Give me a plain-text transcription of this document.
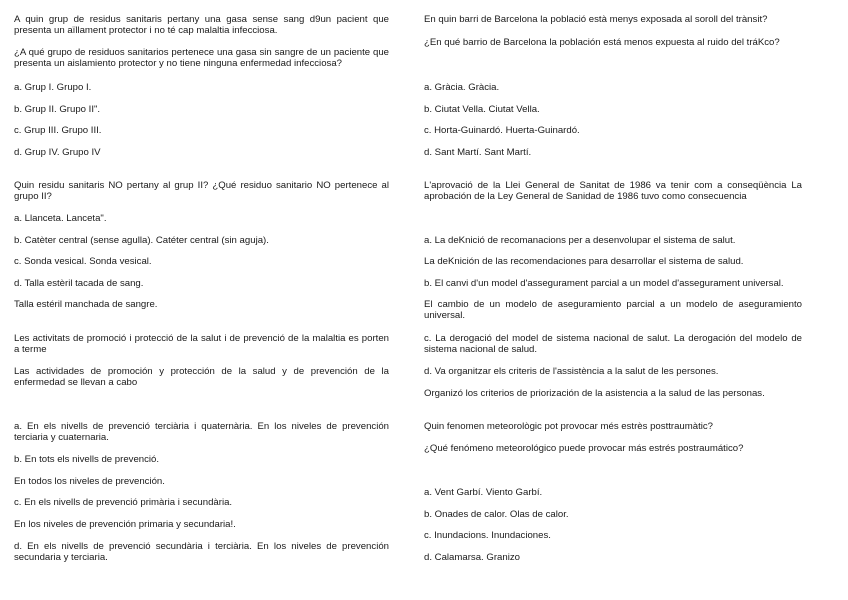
A quin grup de residus sanitaris pertany una gasa sense sang d9un pacient que presenta un aïllament protector i no té cap malaltia infecciosa.

¿A qué grupo de residuos sanitarios pertenece una gasa sin sangre de un paciente que presenta un aislamiento protector y no tiene ninguna enfermedad infecciosa?

a. Grup I. Grupo I.

b. Grup II. Grupo II".

c. Grup III. Grupo III.

d. Grup IV. Grupo IV

Quin residu sanitaris NO pertany al grup II? ¿Qué residuo sanitario NO pertenece al grupo II?

a. Llanceta. Lanceta".

b. Catèter central (sense agulla). Catéter central (sin aguja).

c. Sonda vesical. Sonda vesical.

d. Talla estèril tacada de sang.

Talla estéril manchada de sangre.

Les activitats de promoció i protecció de la salut i de prevenció de la malaltia es porten a terme

Las actividades de promoción y protección de la salud y de prevención de la enfermedad se llevan a cabo

a. En els nivells de prevenció terciària i quaternària. En los niveles de prevención terciaria y cuaternaria.

b. En tots els nivells de prevenció.

En todos los niveles de prevención.

c. En els nivells de prevenció primària i secundària.

En los niveles de prevención primaria y secundaria!.

d. En els nivells de prevenció secundària i terciària. En los niveles de prevención secundaria y terciaria.

En quin barri de Barcelona la població està menys exposada al soroll del trànsit?

¿En qué barrio de Barcelona la población está menos expuesta al ruido del tráKco?

a. Gràcia. Gràcia.

b. Ciutat Vella. Ciutat Vella.

c. Horta-Guinardó. Huerta-Guinardó.

d. Sant Martí. Sant Martí.

L'aprovació de la Llei General de Sanitat de 1986 va tenir com a conseqüència La aprobación de la Ley General de Sanidad de 1986 tuvo como consecuencia

a. La deKnició de recomanacions per a desenvolupar el sistema de salut.

La deKnición de las recomendaciones para desarrollar el sistema de salud.

b. El canvi d'un model d'assegurament parcial a un model d'assegurament universal.

El cambio de un modelo de aseguramiento parcial a un modelo de aseguramiento universal.

c. La derogació del model de sistema nacional de salut. La derogación del modelo de sistema nacional de salud.

d. Va organitzar els criteris de l'assistència a la salut de les persones.

Organizó los criterios de priorización de la asistencia a la salud de las personas.

Quin fenomen meteorològic pot provocar més estrès posttraumàtic?

¿Qué fenómeno meteorológico puede provocar más estrés postraumático?

a. Vent Garbí. Viento Garbí.

b. Onades de calor. Olas de calor.

c. Inundacions. Inundaciones.

d. Calamarsa. Granizo
